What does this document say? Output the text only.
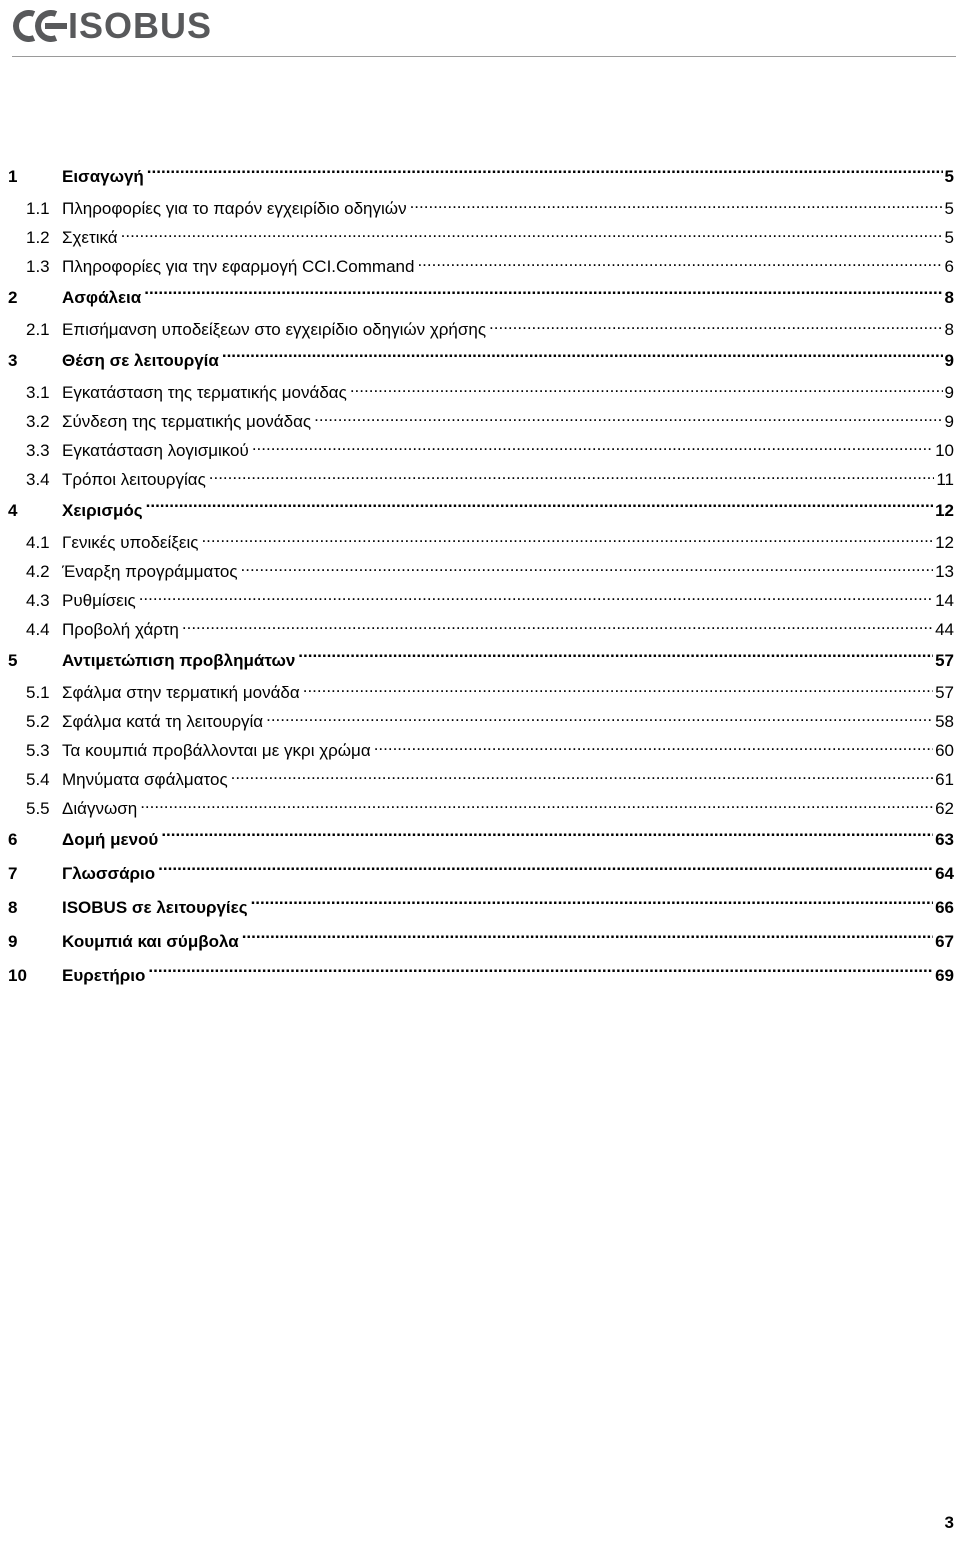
ISOBUS
1	Εισαγωγή .....	5
1.1 Πληροφορίες για το παρόν εγχειρίδιο οδηγιών .....	5
1.2 Σχετικά .....	5
1.3 Πληροφορίες για την εφαρμογή CCI.Command .....	6
2	Ασφάλεια .....	8
2.1 Επισήμανση υποδείξεων στο εγχειρίδιο οδηγιών χρήσης .....	8
3	Θέση σε λειτουργία .....	9
3.1 Εγκατάσταση της τερματικής μονάδας .....	9
3.2 Σύνδεση της τερματικής μονάδας .....	9
3.3 Εγκατάσταση λογισμικού .....	10
3.4 Τρόποι λειτουργίας .....	11
4	Χειρισμός .....	12
4.1 Γενικές υποδείξεις .....	12
4.2 Έναρξη προγράμματος .....	13
4.3 Ρυθμίσεις .....	14
4.4 Προβολή χάρτη .....	44
5	Αντιμετώπιση προβλημάτων .....	57
5.1 Σφάλμα στην τερματική μονάδα .....	57
5.2 Σφάλμα κατά τη λειτουργία .....	58
5.3 Τα κουμπιά προβάλλονται με γκρι χρώμα .....	60
5.4 Μηνύματα σφάλματος .....	61
5.5 Διάγνωση .....	62
6	Δομή μενού .....	63
7	Γλωσσάριο .....	64
8	ISOBUS σε λειτουργίες .....	66
9	Κουμπιά και σύμβολα .....	67
10	Ευρετήριο .....	69
3
